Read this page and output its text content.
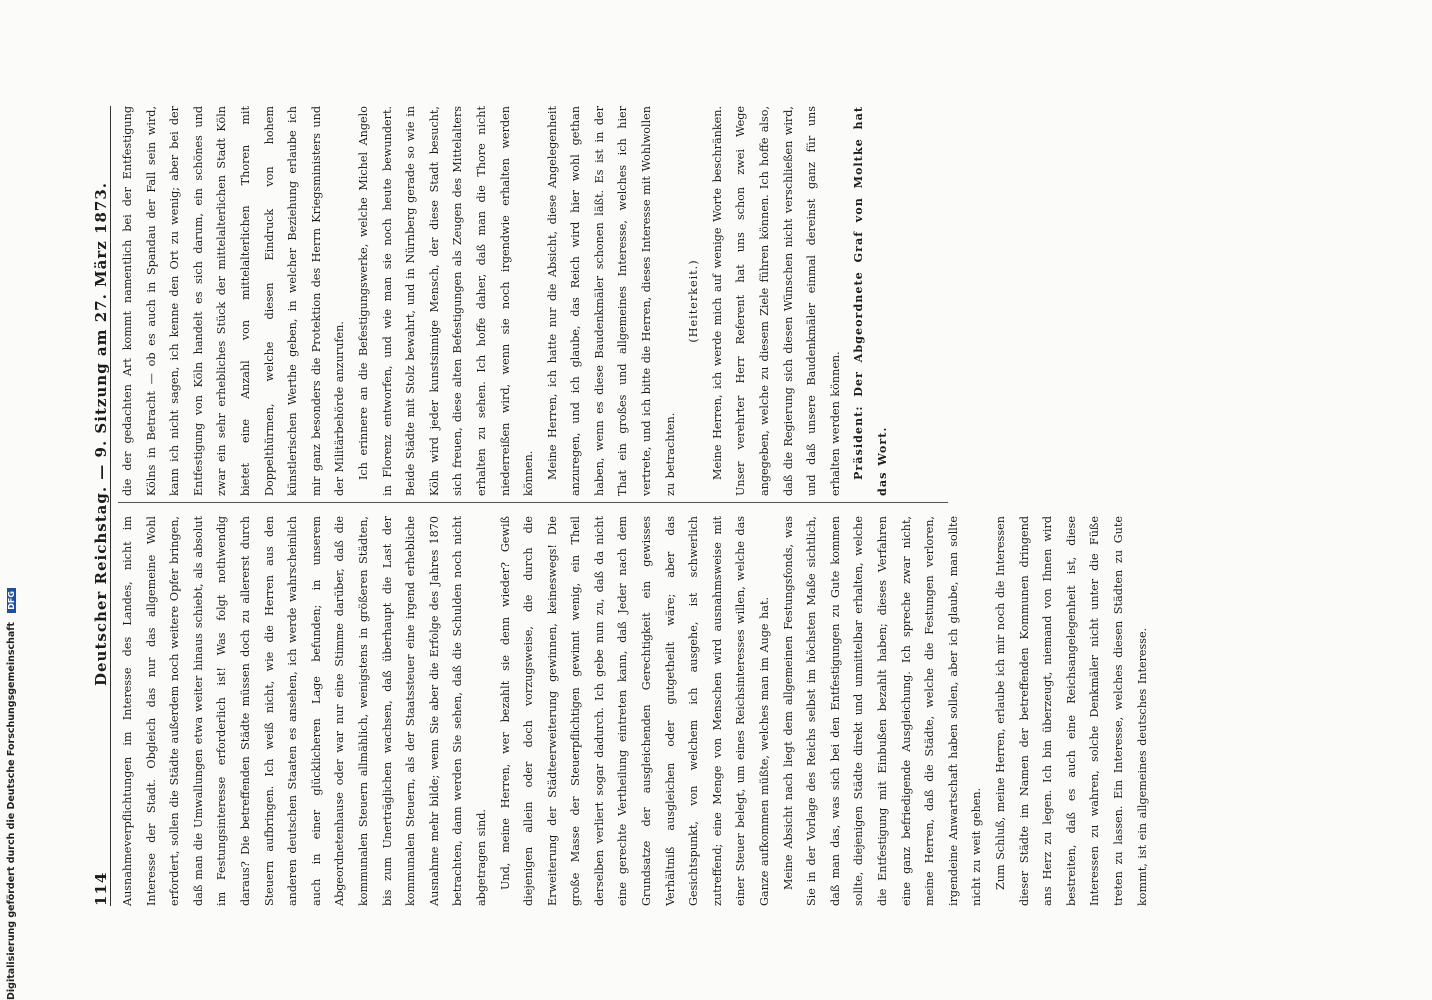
114
Deutscher Reichstag. — 9. Sitzung am 27. März 1873.

Ausnahmeverpflichtungen im Interesse des Landes, nicht im Interesse der Stadt. Obgleich das nur das allgemeine Wohl erfordert, sollen die Städte außerdem noch weitere Opfer bringen, daß man die Umwallungen etwa weiter hinaus schiebt, als absolut im Festungsinteresse erforderlich ist! Was folgt nothwendig daraus? Die betreffenden Städte müssen doch zu allererst durch Steuern aufbringen. Ich weiß nicht, wie die Herren aus den anderen deutschen Staaten es ansehen, ich werde wahrscheinlich auch in einer glücklicheren Lage befunden; in unserem Abgeordnetenhause oder war nur eine Stimme darüber, daß die kommunalen Steuern allmählich, wenigstens in größeren Städten, bis zum Unerträglichen wachsen, daß überhaupt die Last der kommunalen Steuern, als der Staatssteuer eine irgend erhebliche Ausnahme mehr bilde; wenn Sie aber die Erfolge des Jahres 1870 betrachten, dann werden Sie sehen, daß die Schulden noch nicht abgetragen sind. Und, meine Herren, wer bezahlt sie denn wieder? Gewiß diejenigen allein oder doch vorzugsweise, die durch die Erweiterung der Städteerweiterung gewinnen, keineswegs! Die große Masse der Steuerpflichtigen gewinnt wenig, ein Theil derselben verliert sogar dadurch. Ich gebe nun zu, daß da nicht eine gerechte Vertheilung eintreten kann, daß Jeder nach dem Grundsatze der ausgleichenden Gerechtigkeit ein gewisses Verhältniß ausgleichen oder gutgetheilt wäre; aber das Gesichtspunkt, von welchem ich ausgehe, ist schwerlich zutreffend; eine Menge von Menschen wird ausnahmsweise mit einer Steuer belegt, um eines Reichsinteresses willen, welche das Ganze aufkommen müßte, welches man im Auge hat. Meine Absicht nach liegt dem allgemeinen Festungsfonds, was Sie in der Vorlage des Reichs selbst im höchsten Maße sichtlich, daß man das, was sich bei den Entfestigungen zu Gute kommen sollte, diejenigen Städte direkt und unmittelbar erhalten, welche die Entfestigung mit Einbußen bezahlt haben; dieses Verfahren eine ganz befriedigende Ausgleichung. Ich spreche zwar nicht, meine Herren, daß die Städte, welche die Festungen verloren, irgendeine Anwartschaft haben sollen, aber ich glaube, man sollte nicht zu weit gehen. Zum Schluß, meine Herren, erlaube ich mir noch die Interessen dieser Städte im Namen der betreffenden Kommunen dringend ans Herz zu legen. Ich bin überzeugt, niemand von Ihnen wird bestreiten, daß es auch eine Reichsangelegenheit ist, diese Interessen zu wahren, solche Denkmäler nicht unter die Füße treten zu lassen. Ein Interesse, welches diesen Städten zu Gute kommt, ist ein allgemeines deutsches Interesse.

die der gedachten Art kommt namentlich bei der Entfestigung Kölns in Betracht — ob es auch in Spandau der Fall sein wird, kann ich nicht sagen, ich kenne den Ort zu wenig; aber bei der Entfestigung von Köln handelt es sich darum, ein schönes und zwar ein sehr erhebliches Stück der mittelalterlichen Stadt Köln bietet eine Anzahl von mittelalterlichen Thoren mit Doppelthürmen, welche diesen Eindruck von hohem künstlerischen Werthe geben, in welcher Beziehung erlaube ich mir ganz besonders die Protektion des Herrn Kriegsministers und der Militärbehörde anzurufen. Ich erinnere an die Befestigungswerke, welche Michel Angelo in Florenz entworfen, und wie man sie noch heute bewundert. Beide Städte mit Stolz bewahrt, und in Nürnberg gerade so wie in Köln wird jeder kunstsinnige Mensch, der diese Stadt besucht, sich freuen, diese alten Befestigungen als Zeugen des Mittelalters erhalten zu sehen. Ich hoffe daher, daß man die Thore nicht niederreißen wird, wenn sie noch irgendwie erhalten werden können. Meine Herren, ich hatte nur die Absicht, diese Angelegenheit anzuregen, und ich glaube, das Reich wird hier wohl gethan haben, wenn es diese Baudenkmäler schonen läßt. Es ist in der That ein großes und allgemeines Interesse, welches ich hier vertrete, und ich bitte die Herren, dieses Interesse mit Wohlwollen zu betrachten.

(Heiterkeit.) Meine Herren, ich werde mich auf wenige Worte beschränken. Unser verehrter Herr Referent hat uns schon zwei Wege angegeben, welche zu diesem Ziele führen können. Ich hoffe also, daß die Regierung sich diesen Wünschen nicht verschließen wird, und daß unsere Baudenkmäler einmal dereinst ganz für uns erhalten werden können. Präsident: Der Abgeordnete Graf von Moltke hat das Wort.

Digitalisierung gefördert durch die Deutsche Forschungsgemeinschaft DFG
